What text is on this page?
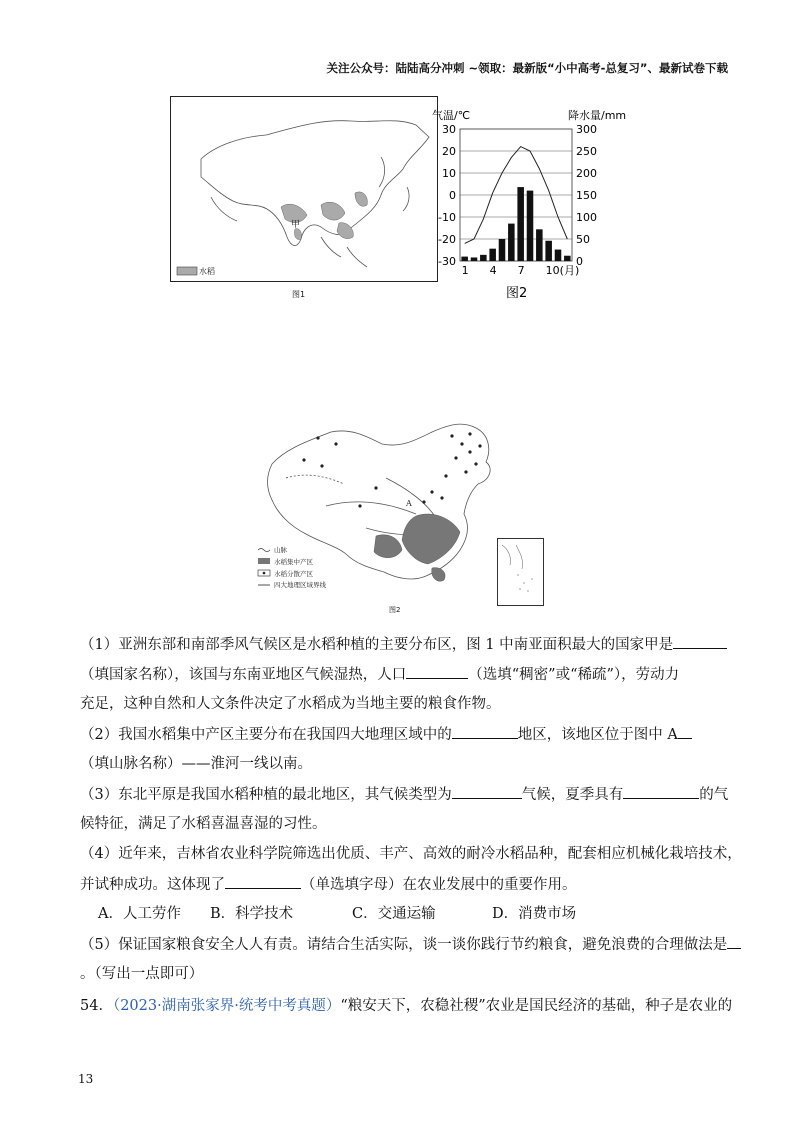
关注公众号：陆陆高分冲刺 ~领取：最新版“小中高考-总复习”、最新试卷下载
甲
水稻
图1
30
20
10
0
-10
-20
-30
300
250
200
150
100
50
0
1 4 7 10(月)
气温/℃	降水量/mm
图2
A
山脉
水稻集中产区
水稻分散产区
四大地理区域界线
图2
（1）亚洲东部和南部季风气候区是水稻种植的主要分布区，图 1 中南亚面积最大的国家甲是
（填国家名称），该国与东南亚地区气候湿热，人口	（选填“稠密”或“稀疏”），劳动力
充足，这种自然和人文条件决定了水稻成为当地主要的粮食作物。
（2）我国水稻集中产区主要分布在我国四大地理区域中的	地区，该地区位于图中 A
（填山脉名称）——淮河一线以南。
（3）东北平原是我国水稻种植的最北地区，其气候类型为	气候，夏季具有	的气
候特征，满足了水稻喜温喜湿的习性。
（4）近年来，吉林省农业科学院筛选出优质、丰产、高效的耐冷水稻品种，配套相应机械化栽培技术，
并试种成功。这体现了	（单选填字母）在农业发展中的重要作用。
A．人工劳作 B．科学技术	C．交通运输	D．消费市场
（5）保证国家粮食安全人人有责。请结合生活实际，谈一谈你践行节约粮食，避免浪费的合理做法是
。（写出一点即可）
54．（2023·湖南张家界·统考中考真题）“粮安天下，农稳社稷”农业是国民经济的基础，种子是农业的
13
